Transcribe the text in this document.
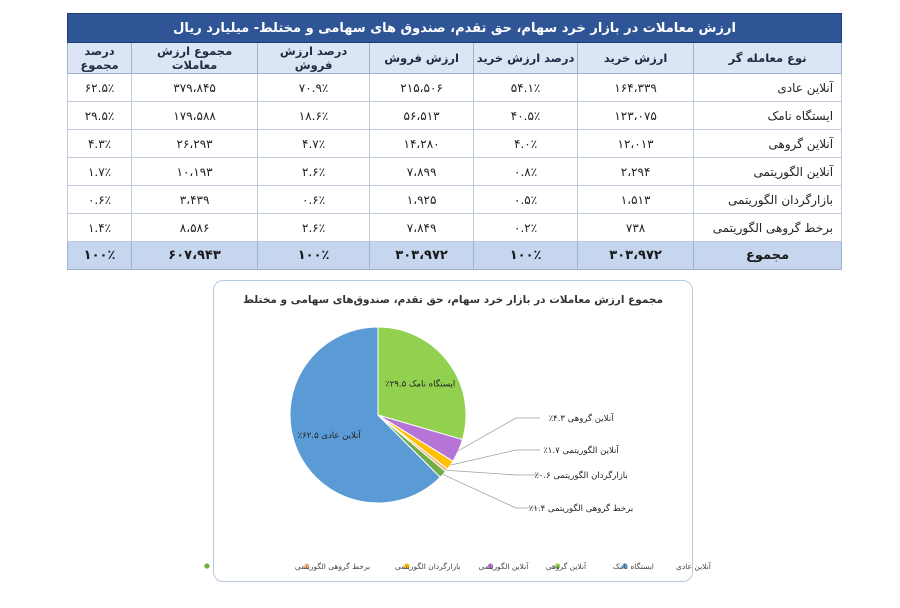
ارزش معاملات در بازار خرد سهام، حق تقدم، صندوق های سهامی و مختلط- میلیارد ریال						
نوع معامله گر	ارزش خرید	درصد ارزش خرید	ارزش فروش	درصد ارزش فروش	مجموع ارزش معاملات	درصد مجموع
آنلاین عادی	۱۶۴،۳۳۹	۵۴.۱٪	۲۱۵،۵۰۶	۷۰.۹٪	۳۷۹،۸۴۵	۶۲.۵٪
ایستگاه نامک	۱۲۳،۰۷۵	۴۰.۵٪	۵۶،۵۱۳	۱۸.۶٪	۱۷۹،۵۸۸	۲۹.۵٪
آنلاین گروهی	۱۲،۰۱۳	۴.۰٪	۱۴،۲۸۰	۴.۷٪	۲۶،۲۹۳	۴.۳٪
آنلاین الگوریتمی	۲،۲۹۴	۰.۸٪	۷،۸۹۹	۲.۶٪	۱۰،۱۹۳	۱.۷٪
بازارگردان الگوریتمی	۱،۵۱۳	۰.۵٪	۱،۹۲۵	۰.۶٪	۳،۴۳۹	۰.۶٪
برخط گروهی الگوریتمی	۷۳۸	۰.۲٪	۷،۸۴۹	۲.۶٪	۸،۵۸۶	۱.۴٪
مجموع	۳۰۳،۹۷۲	۱۰۰٪	۳۰۳،۹۷۲	۱۰۰٪	۶۰۷،۹۴۳	۱۰۰٪
مجموع ارزش معاملات در بازار خرد سهام، حق تقدم، صندوق‌های سهامی و مختلط
آنلاین عادی ۶۲.۵٪
ایستگاه نامک ۲۹.۵٪
آنلاین گروهی ۴.۳٪
آنلاین الگوریتمی ۱.۷٪
بازارگردان الگوریتمی ۰.۶٪
برخط گروهی الگوریتمی ۱.۴٪
آنلاین عادی
ایستگاه نامک
آنلاین گروهی
آنلاین الگوریتمی
بازارگردان الگوریتمی
برخط گروهی الگوریتمی
